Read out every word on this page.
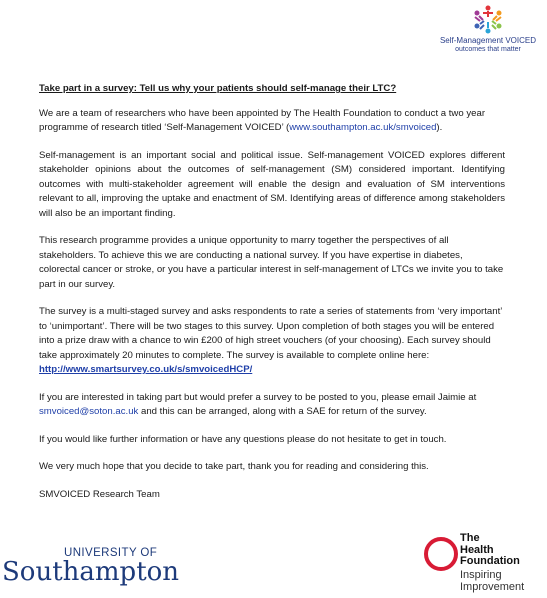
Self-Management VOICED
outcomes that matter
Take part in a survey: Tell us why your patients should self-manage their LTC?

We are a team of researchers who have been appointed by The Health Foundation to conduct a two year programme of research titled ‘Self-Management VOICED’ (www.southampton.ac.uk/smvoiced).

Self-management is an important social and political issue. Self-management VOICED explores different stakeholder opinions about the outcomes of self-management (SM) considered important. Identifying outcomes with multi-stakeholder agreement will enable the design and evaluation of SM interventions relevant to all, improving the uptake and enactment of SM. Identifying areas of difference among stakeholders will also be an important finding.

This research programme provides a unique opportunity to marry together the perspectives of all stakeholders. To achieve this we are conducting a national survey. If you have expertise in diabetes, colorectal cancer or stroke, or you have a particular interest in self-management of LTCs we invite you to take part in our survey.

The survey is a multi-staged survey and asks respondents to rate a series of statements from ‘very important’ to ‘unimportant’. There will be two stages to this survey. Upon completion of both stages you will be entered into a prize draw with a chance to win £200 of high street vouchers (of your choosing). Each survey should take approximately 20 minutes to complete. The survey is available to complete online here: http://www.smartsurvey.co.uk/s/smvoicedHCP/

If you are interested in taking part but would prefer a survey to be posted to you, please email Jaimie at smvoiced@soton.ac.uk and this can be arranged, along with a SAE for return of the survey.

If you would like further information or have any questions please do not hesitate to get in touch.

We very much hope that you decide to take part, thank you for reading and considering this.

SMVOICED Research Team
UNIVERSITY OF
Southampton
The
Health
Foundation
Inspiring
Improvement
